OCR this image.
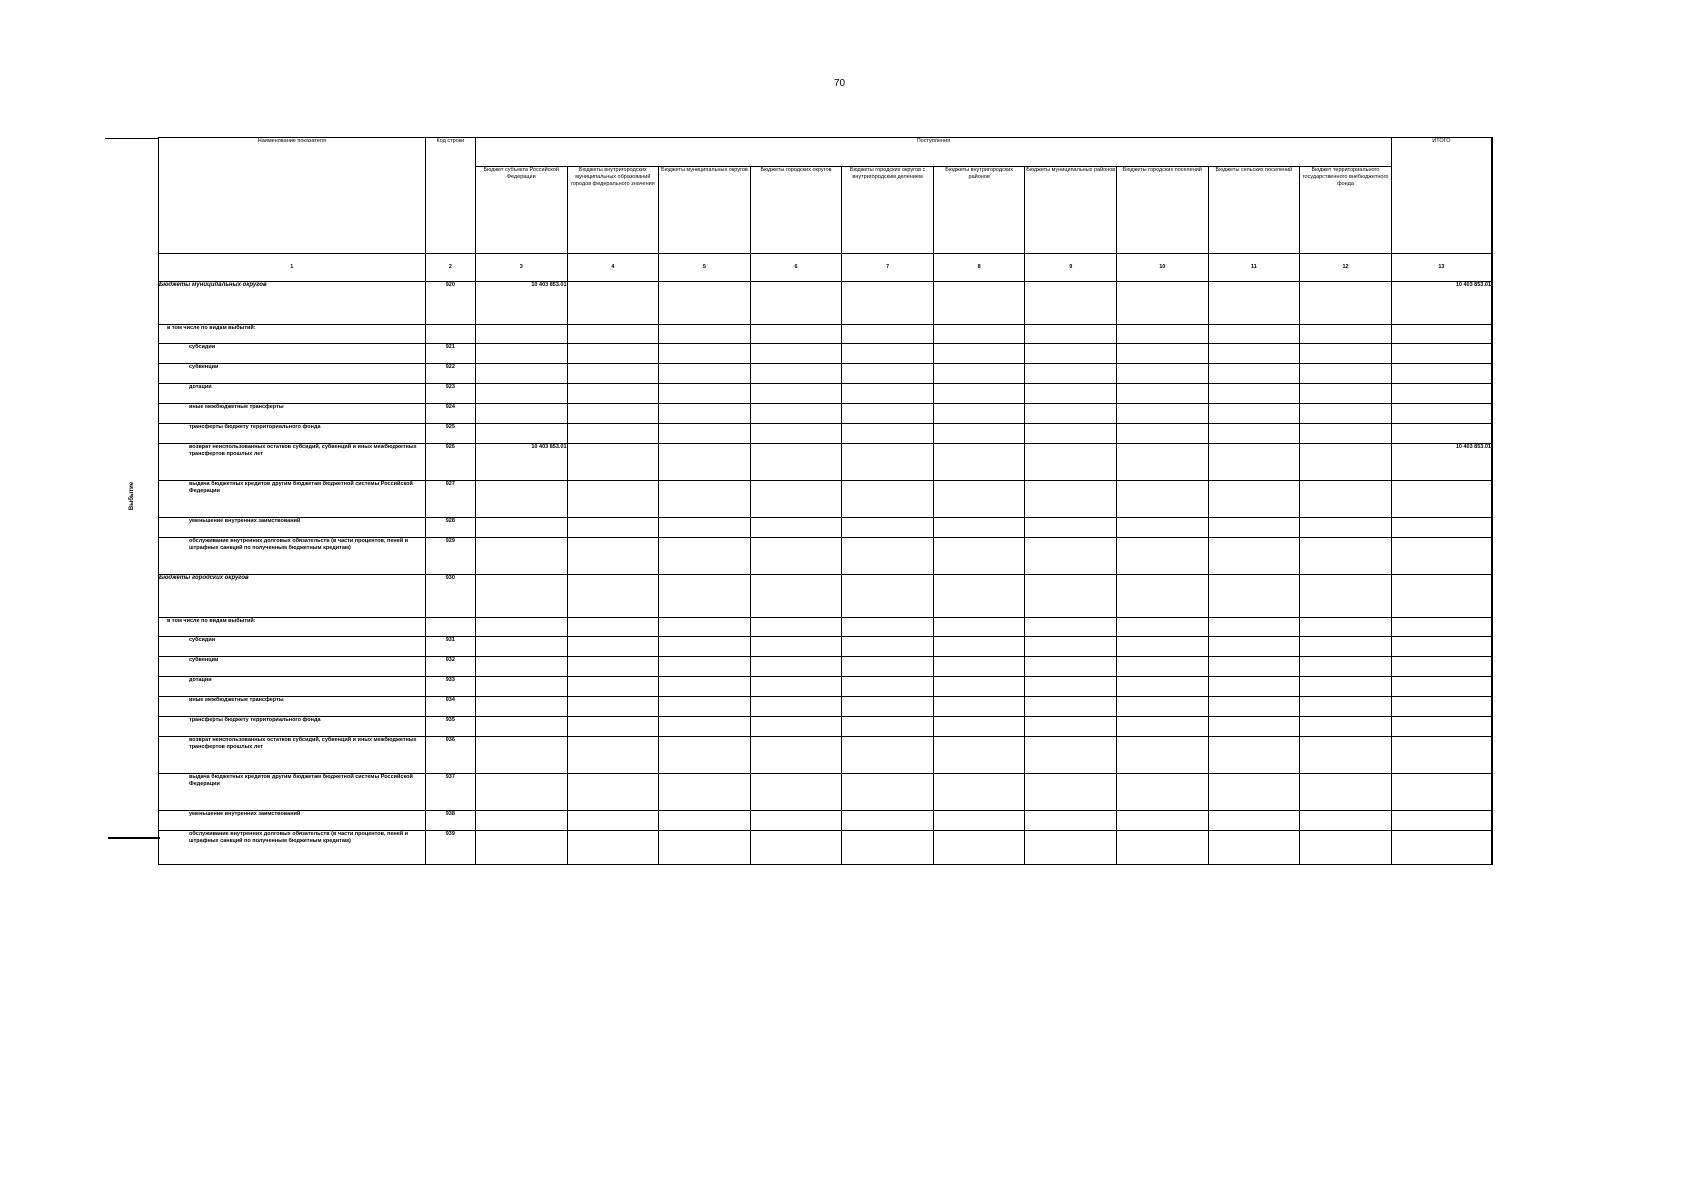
70
Выбытие
Наименование показателя	Код строки	Поступления										ИТОГО
		Бюджет субъекта Российской Федерации	Бюджеты внутригородских муниципальных образований городов федерального значения	Бюджеты муниципальных округов	Бюджеты городских округов	Бюджеты городских округов с внутригородским делением	Бюджеты внутригородских районов	Бюджеты муниципальных районов	Бюджеты городских поселений	Бюджеты сельских поселений	Бюджет территориального государственного внебюджетного фонда	
1	2	3	4	5	6	7	8	9	10	11	12	13
Бюджеты муниципальных округов	920	10 403 853.01										10 403 853.01
в том числе по видам выбытий:												
субсидии	921											
субвенции	922											
дотации	923											
иные межбюджетные трансферты	924											
трансферты бюджету территориального фонда	925											
возврат неиспользованных остатков субсидий, субвенций и иных межбюджетных трансфертов прошлых лет	926	10 403 853.01										10 403 853.01
выдача бюджетных кредитов другим бюджетам бюджетной системы Российской Федерации	927											
уменьшение внутренних заимствований	928											
обслуживание внутренних долговых обязательств (в части процентов, пеней и штрафных санкций по полученным бюджетным кредитам)	929											
Бюджеты городских округов	930											
в том числе по видам выбытий:												
субсидии	931											
субвенции	932											
дотации	933											
иные межбюджетные трансферты	934											
трансферты бюджету территориального фонда	935											
возврат неиспользованных остатков субсидий, субвенций и иных межбюджетных трансфертов прошлых лет	936											
выдача бюджетных кредитов другим бюджетам бюджетной системы Российской Федерации	937											
уменьшение внутренних заимствований	938											
обслуживание внутренних долговых обязательств (в части процентов, пеней и штрафных санкций по полученным бюджетным кредитам)	939											
